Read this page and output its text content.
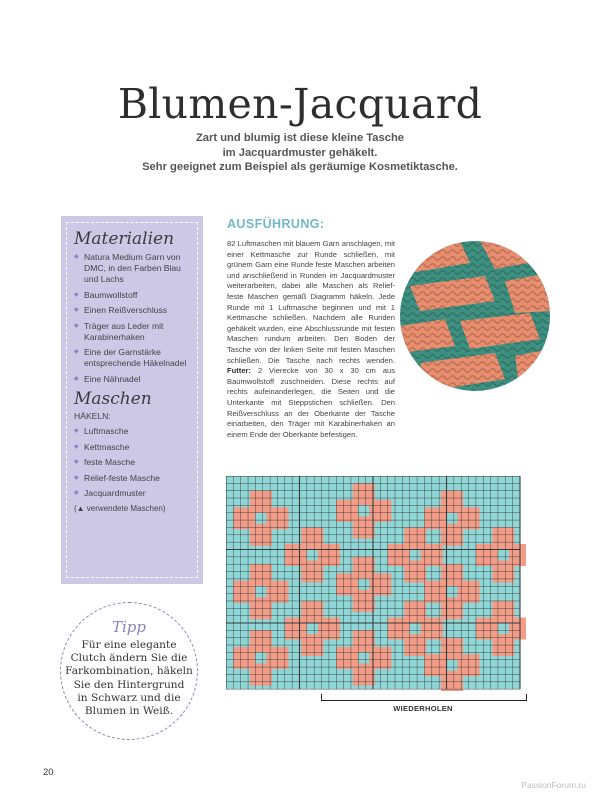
Blumen-Jacquard
Zart und blumig ist diese kleine Tasche
im Jacquardmuster gehäkelt.
Sehr geeignet zum Beispiel als geräumige Kosmetiktasche.
Materialien
◆ Natura Medium Garn von DMC, in den Farben Blau und Lachs
◆ Baumwollstoff
◆ Einen Reißverschluss
◆ Träger aus Leder mit Karabinerhaken
◆ Eine der Garnstärke entsprechende Häkelnadel
◆ Eine Nähnadel
Maschen
HÄKELN:
◆ Luftmasche
◆ Kettmasche
◆ feste Masche
◆ Relief-feste Masche
◆ Jacquardmuster
(▲ verwendete Maschen)
AUSFÜHRUNG:
82 Luftmaschen mit blauem Garn anschlagen, mit einer Kettmasche zur Runde schließen, mit grünem Garn eine Runde feste Maschen arbeiten und anschließend in Runden im Jacquardmuster weiterarbeiten, dabei alle Maschen als Relief-feste Maschen gemäß Diagramm häkeln. Jede Runde mit 1 Luftmasche beginnen und mit 1 Kettmasche schließen. Nachdem alle Runden gehäkelt wurden, eine Abschlussrunde mit festen Maschen rundum arbeiten. Den Boden der Tasche von der linken Seite mit festen Maschen schließen. Die Tasche nach rechts wenden. Futter: 2 Vierecke von 30 x 30 cm aus Baumwollstoff zuschneiden. Diese rechts auf rechts aufeinanderlegen, die Seiten und die Unterkante mit Steppstichen schließen. Den Reißverschluss an der Oberkante der Tasche einarbeiten, den Träger mit Karabinerhaken an einem Ende der Oberkante befestigen.
WIEDERHOLEN
Tipp
Für eine elegante
Clutch ändern Sie die
Farkombination, häkeln
Sie den Hintergrund
in Schwarz und die
Blumen in Weiß.
20
PassionForum.ru
